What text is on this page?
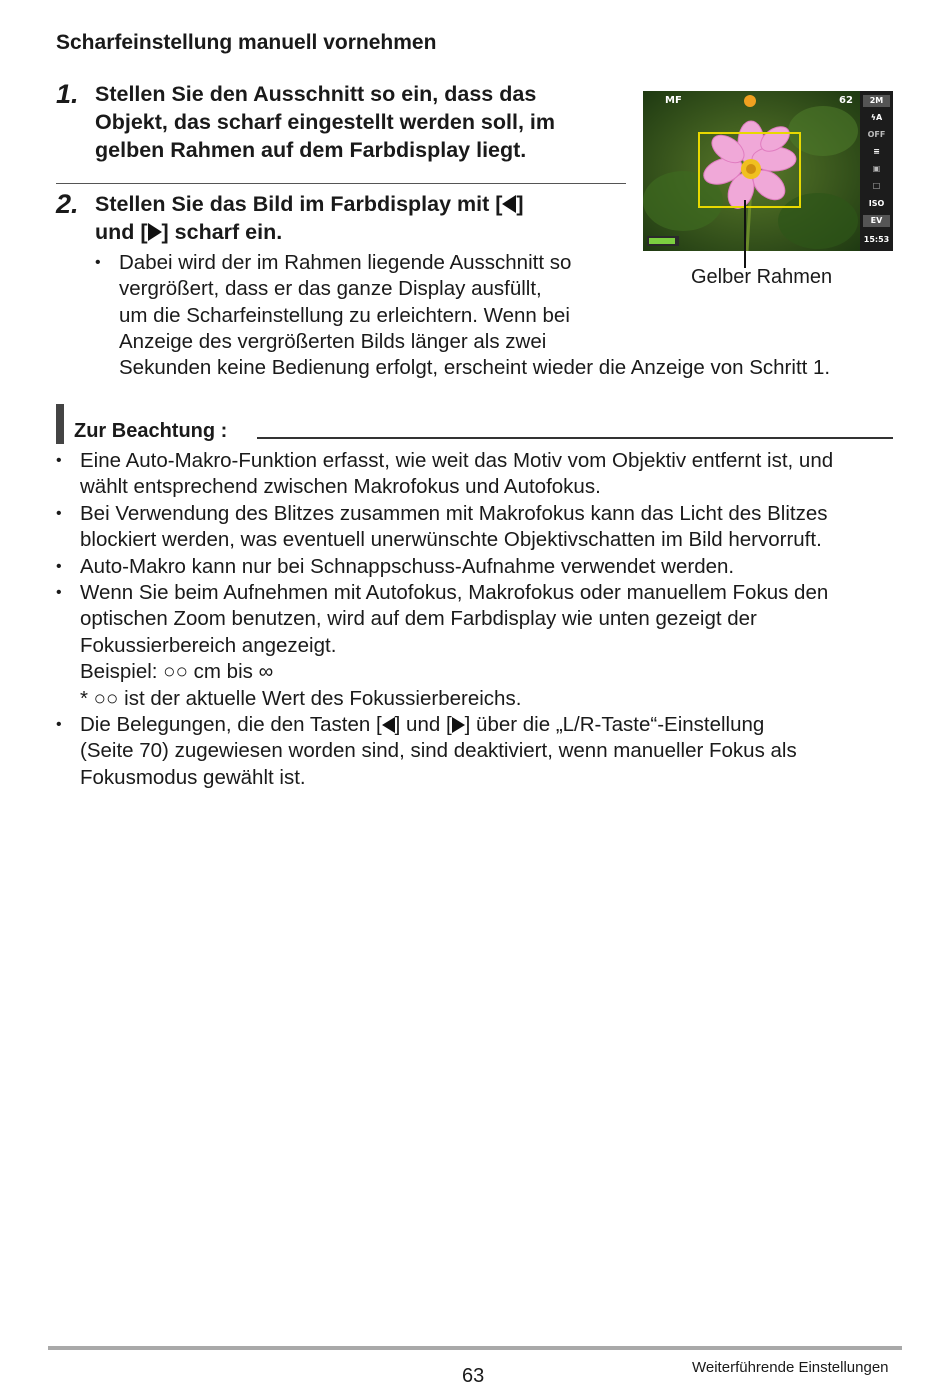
Scharfeinstellung manuell vornehmen
1. Stellen Sie den Ausschnitt so ein, dass das
Objekt, das scharf eingestellt werden soll, im
gelben Rahmen auf dem Farbdisplay liegt.
2. Stellen Sie das Bild im Farbdisplay mit [ ]
und [ ] scharf ein.
• Dabei wird der im Rahmen liegende Ausschnitt so
vergrößert, dass er das ganze Display ausfüllt,
um die Scharfeinstellung zu erleichtern. Wenn bei
Anzeige des vergrößerten Bilds länger als zwei
Sekunden keine Bedienung erfolgt, erscheint wieder die Anzeige von Schritt 1.
MF	62	2M
ϟA
OFF
≡
▣
□
ISO
EV
15:53
Gelber Rahmen
Zur Beachtung :
• Eine Auto-Makro-Funktion erfasst, wie weit das Motiv vom Objektiv entfernt ist, und
wählt entsprechend zwischen Makrofokus und Autofokus.
• Bei Verwendung des Blitzes zusammen mit Makrofokus kann das Licht des Blitzes
blockiert werden, was eventuell unerwünschte Objektivschatten im Bild hervorruft.
• Auto-Makro kann nur bei Schnappschuss-Aufnahme verwendet werden.
• Wenn Sie beim Aufnehmen mit Autofokus, Makrofokus oder manuellem Fokus den
optischen Zoom benutzen, wird auf dem Farbdisplay wie unten gezeigt der
Fokussierbereich angezeigt.
Beispiel: ○○ cm bis ∞
* ○○ ist der aktuelle Wert des Fokussierbereichs.
• Die Belegungen, die den Tasten [ ] und [ ] über die „L/R-Taste“-Einstellung
(Seite 70) zugewiesen worden sind, sind deaktiviert, wenn manueller Fokus als
Fokusmodus gewählt ist.
63	Weiterführende Einstellungen
